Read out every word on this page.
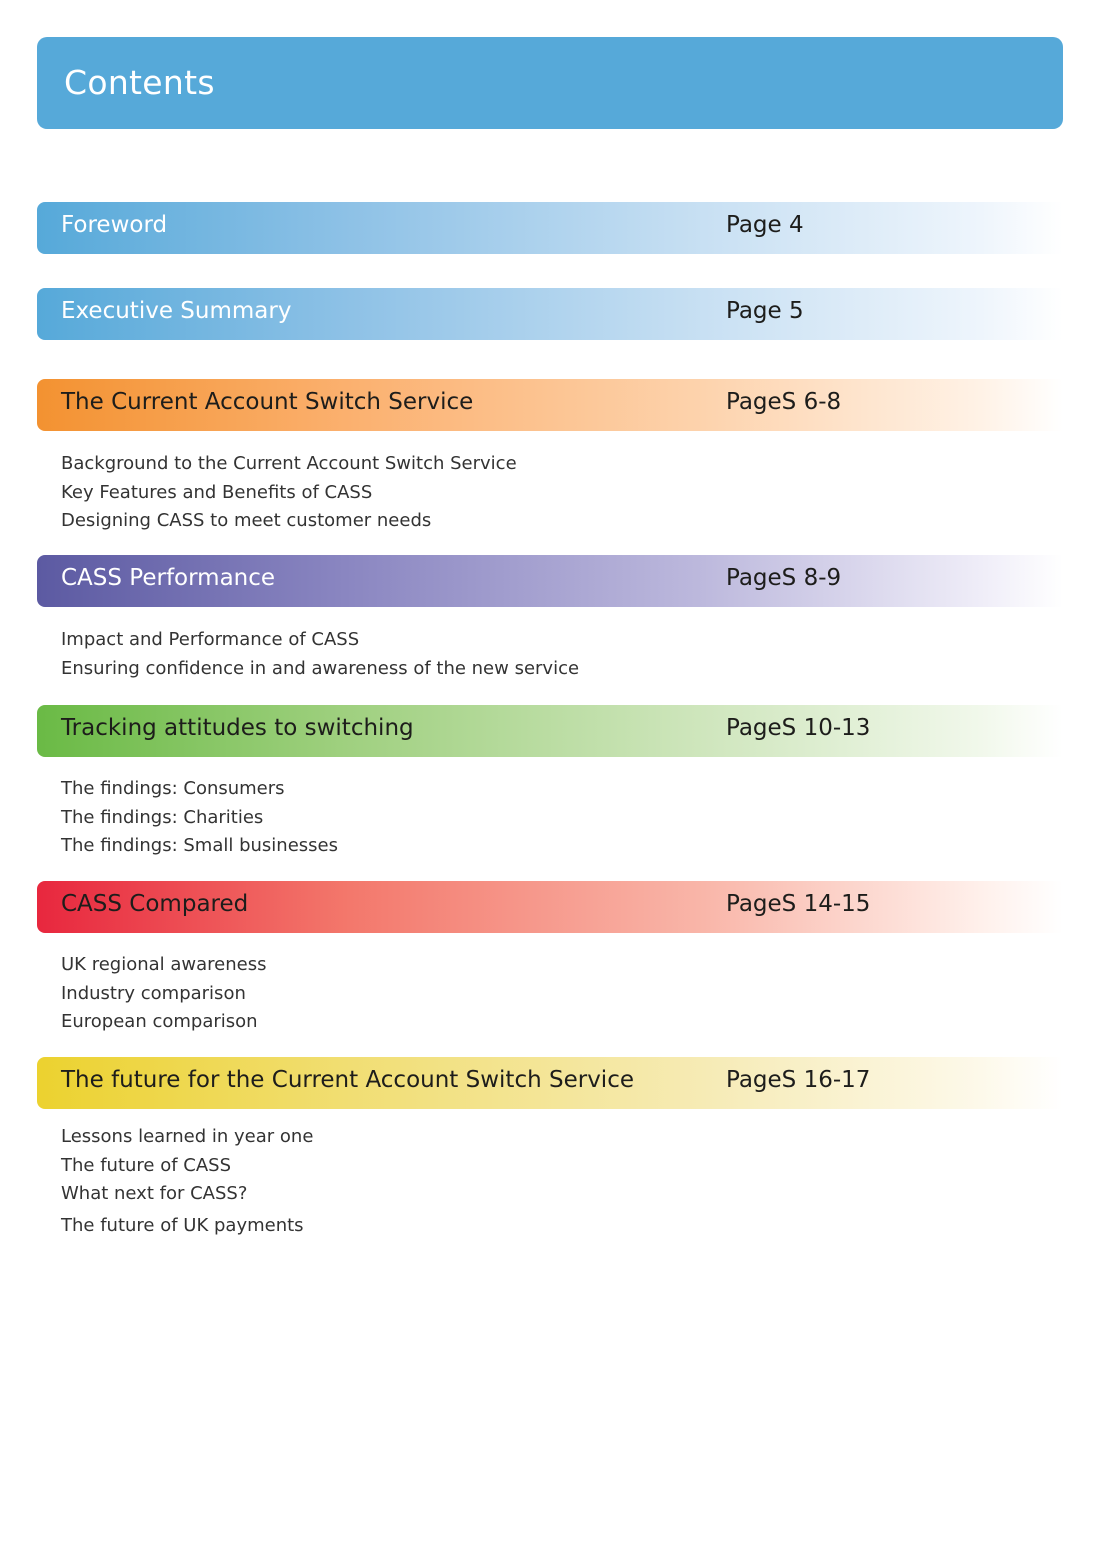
Contents
Foreword	Page 4
Executive Summary	Page 5
The Current Account Switch Service	PageS 6-8
Background to the Current Account Switch Service
Key Features and Benefits of CASS
Designing CASS to meet customer needs
CASS Performance	PageS 8-9
Impact and Performance of CASS
Ensuring confidence in and awareness of the new service
Tracking attitudes to switching	PageS 10-13
The findings: Consumers
The findings: Charities
The findings: Small businesses
CASS Compared	PageS 14-15
UK regional awareness
Industry comparison
European comparison
The future for the Current Account Switch Service	PageS 16-17
Lessons learned in year one
The future of CASS
What next for CASS?
The future of UK payments
